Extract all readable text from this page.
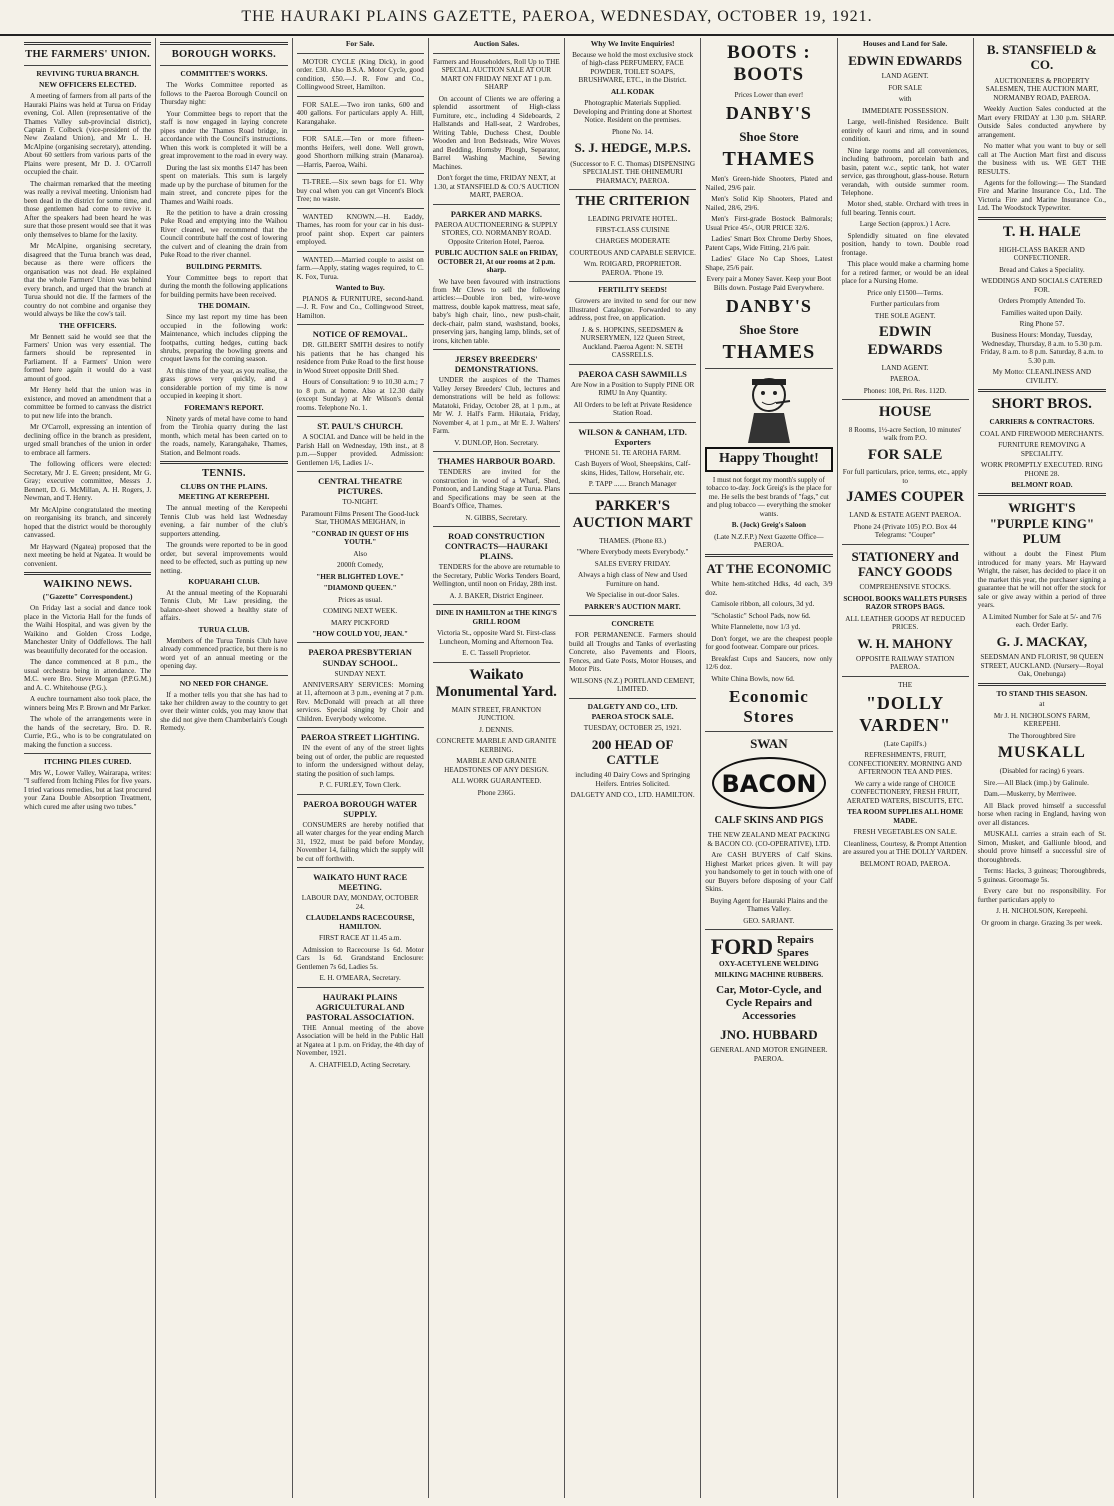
THE HAURAKI PLAINS GAZETTE, PAEROA, WEDNESDAY, OCTOBER 19, 1921.
THE FARMERS' UNION.
REVIVING TURUA BRANCH.
NEW OFFICERS ELECTED.

A meeting of farmers from all parts of the Hauraki Plains was held at Turua on Friday evening, Col. Allen (representative of the Thames Valley sub-provincial district), Captain F. Colbeck (vice-president of the New Zealand Union), and Mr L. H. McAlpine (organising secretary), attending. About 60 settlers from various parts of the Plains were present, Mr D. J. O'Carroll occupied the chair.

The chairman remarked that the meeting was really a revival meeting. Unionism had been dead in the district for some time, and those gentlemen had come to revive it. After the speakers had been heard he was sure that those present would see that it was only themselves to blame for the laxity.

Mr McAlpine, organising secretary, disagreed that the Turua branch was dead, because as there were officers the organisation was not dead. He explained that the whole Farmers' Union was behind every branch, and urged that the branch at Turua should not die. If the farmers of the country do not combine and organise they would always be like the cow's tail.

THE OFFICERS.

Mr Bennett said he would see that the Farmers' Union was very essential. The farmers should be represented in Parliament. If a Farmers' Union were formed here again it would do a vast amount of good.

Mr Henry held that the union was in existence, and moved an amendment that a committee be formed to canvass the district to put new life into the branch.

Mr O'Carroll, expressing an intention of declining office in the branch as president, urged small branches of the union in order to embrace all farmers.

The following officers were elected: Secretary, Mr J. E. Green; president, Mr G. Gray; executive committee, Messrs J. Bennett, D. G. McMillan, A. H. Rogers, J. Newman, and T. Henry.

Mr McAlpine congratulated the meeting on reorganising its branch, and sincerely hoped that the district would be thoroughly canvassed.

Mr Hayward (Ngatea) proposed that the next meeting be held at Ngatea. It would be convenient.

WAIKINO NEWS.
("Gazette" Correspondent.)

On Friday last a social and dance took place in the Victoria Hall for the funds of the Waihi Hospital, and was given by the Waikino and Golden Cross Lodge, Manchester Unity of Oddfellows. The hall was beautifully decorated for the occasion.

The dance commenced at 8 p.m., the usual orchestra being in attendance. The M.C. were Bro. Steve Morgan (P.P.G.M.) and A. C. Whitehouse (P.G.).

A euchre tournament also took place, the winners being Mrs P. Brown and Mr Parker.

The whole of the arrangements were in the hands of the secretary, Bro. D. R. Currie, P.G., who is to be congratulated on making the function a success.

ITCHING PILES CURED.

Mrs W., Lower Valley, Wairarapa, writes: "I suffered from Itching Piles for five years. I tried various remedies, but at last procured your Zana Double Absorption Treatment, which cured me after using two tubes."

BOROUGH WORKS.
COMMITTEE'S WORKS.

The Works Committee reported as follows to the Paeroa Borough Council on Thursday night:

Your Committee begs to report that the staff is now engaged in laying concrete pipes under the Thames Road bridge, in accordance with the Council's instructions. When this work is completed it will be a great improvement to the road in every way.

During the last six months £147 has been spent on materials. This sum is largely made up by the purchase of bitumen for the main street, and concrete pipes for the Thames and Waihi roads.

Re the petition to have a drain crossing Puke Road and emptying into the Waihou River cleaned, we recommend that the Council contribute half the cost of lowering the culvert and of cleaning the drain from Puke Road to the river channel.

BUILDING PERMITS.

Your Committee begs to report that during the month the following applications for building permits have been received.

THE DOMAIN.

Since my last report my time has been occupied in the following work: Maintenance, which includes clipping the footpaths, cutting hedges, cutting back shrubs, preparing the bowling greens and croquet lawns for the coming season.

At this time of the year, as you realise, the grass grows very quickly, and a considerable portion of my time is now occupied in keeping it short.

FOREMAN'S REPORT.

Ninety yards of metal have come to hand from the Tirohia quarry during the last month, which metal has been carted on to the roads, namely, Karangahake, Thames, Station, and Belmont roads.

TENNIS.
CLUBS ON THE PLAINS.
MEETING AT KEREPEHI.

The annual meeting of the Kerepeehi Tennis Club was held last Wednesday evening, a fair number of the club's supporters attending.

The grounds were reported to be in good order, but several improvements would need to be effected, such as putting up new netting.

KOPUARAHI CLUB.

At the annual meeting of the Kopuarahi Tennis Club, Mr Law presiding, the balance-sheet showed a healthy state of affairs.

TURUA CLUB.

Members of the Turua Tennis Club have already commenced practice, but there is no word yet of an annual meeting or the opening day.

NO NEED FOR CHANGE.

If a mother tells you that she has had to take her children away to the country to get over their winter colds, you may know that she did not give them Chamberlain's Cough Remedy.

For Sale.

MOTOR CYCLE (King Dick), in good order. £30. Also B.S.A. Motor Cycle, good condition, £50.—J. R. Fow and Co., Collingwood Street, Hamilton.

FOR SALE.—Two iron tanks, 600 and 400 gallons. For particulars apply A. Hill, Karangahake.

FOR SALE.—Ten or more fifteen-months Heifers, well done. Well grown, good Shorthorn milking strain (Manaroa).—Harris, Paeroa, Waihi.

TI-TREE.—Six sewn bags for £1. Why buy coal when you can get Vincent's Block Tree; no waste.

WANTED KNOWN.—H. Eaddy, Thames, has room for your car in his dust-proof paint shop. Expert car painters employed.

WANTED.—Married couple to assist on farm.—Apply, stating wages required, to C. K. Fox, Turua.

Wanted to Buy.

PIANOS & FURNITURE, second-hand.—J. R. Fow and Co., Collingwood Street, Hamilton.

NOTICE OF REMOVAL.

DR. GILBERT SMITH desires to notify his patients that he has changed his residence from Puke Road to the first house in Wood Street opposite Drill Shed.

Hours of Consultation: 9 to 10.30 a.m.; 7 to 8 p.m. at home. Also at 12.30 daily (except Sunday) at Mr Wilson's dental rooms. Telephone No. 1.

ST. PAUL'S CHURCH.

A SOCIAL and Dance will be held in the Parish Hall on Wednesday, 19th inst., at 8 p.m.—Supper provided. Admission: Gentlemen 1/6, Ladies 1/-.

CENTRAL THEATRE PICTURES.

TO-NIGHT.

Paramount Films Present The Good-luck Star, THOMAS MEIGHAN, in

"CONRAD IN QUEST OF HIS YOUTH."

Also

2000ft Comedy,

"HER BLIGHTED LOVE."

"DIAMOND QUEEN."

Prices as usual.

COMING NEXT WEEK.

MARY PICKFORD

"HOW COULD YOU, JEAN."

PAEROA PRESBYTERIAN SUNDAY SCHOOL.

SUNDAY NEXT.

ANNIVERSARY SERVICES: Morning at 11, afternoon at 3 p.m., evening at 7 p.m. Rev. McDonald will preach at all three services. Special singing by Choir and Children. Everybody welcome.

PAEROA STREET LIGHTING.

IN the event of any of the street lights being out of order, the public are requested to inform the undersigned without delay, stating the position of such lamps.

P. C. FURLEY, Town Clerk.

PAEROA BOROUGH WATER SUPPLY.

CONSUMERS are hereby notified that all water charges for the year ending March 31, 1922, must be paid before Monday, November 14, failing which the supply will be cut off forthwith.

WAIKATO HUNT RACE MEETING.

LABOUR DAY, MONDAY, OCTOBER 24.

CLAUDELANDS RACECOURSE, HAMILTON.

FIRST RACE AT 11.45 a.m.

Admission to Racecourse 1s 6d. Motor Cars 1s 6d. Grandstand Enclosure: Gentlemen 7s 6d, Ladies 5s.

E. H. O'MEARA, Secretary.

HAURAKI PLAINS AGRICULTURAL AND PASTORAL ASSOCIATION.

THE Annual meeting of the above Association will be held in the Public Hall at Ngatea at 1 p.m. on Friday, the 4th day of November, 1921.

A. CHATFIELD, Acting Secretary.

Auction Sales.

Farmers and Householders, Roll Up to THE SPECIAL AUCTION SALE AT OUR MART ON FRIDAY NEXT AT 1 p.m. SHARP

On account of Clients we are offering a splendid assortment of High-class Furniture, etc., including 4 Sideboards, 2 Hallstands and Hall-seat, 2 Wardrobes, Writing Table, Duchess Chest, Double Wooden and Iron Bedsteads, Wire Woves and Bedding, Hornsby Plough, Separator, Barrel Washing Machine, Sewing Machines.

Don't forget the time, FRIDAY NEXT, at 1.30, at STANSFIELD & CO.'S AUCTION MART, PAEROA.

PARKER AND MARKS.

PAEROA AUCTIONEERING & SUPPLY STORES, CO. NORMANBY ROAD. Opposite Criterion Hotel, Paeroa.

PUBLIC AUCTION SALE on FRIDAY, OCTOBER 21, At our rooms at 2 p.m. sharp.

We have been favoured with instructions from Mr Clews to sell the following articles:—Double iron bed, wire-wove mattress, double kapok mattress, meat safe, baby's high chair, lino., new push-chair, deck-chair, palm stand, washstand, books, preserving jars, hanging lamp, blinds, set of irons, kitchen table.

JERSEY BREEDERS' DEMONSTRATIONS.

UNDER the auspices of the Thames Valley Jersey Breeders' Club, lectures and demonstrations will be held as follows: Matatoki, Friday, October 28, at 1 p.m., at Mr W. J. Hall's Farm. Hikutaia, Friday, November 4, at 1 p.m., at Mr E. J. Walters' Farm.

V. DUNLOP, Hon. Secretary.

THAMES HARBOUR BOARD.

TENDERS are invited for the construction in wood of a Wharf, Shed, Pontoon, and Landing Stage at Turua. Plans and Specifications may be seen at the Board's Office, Thames.

N. GIBBS, Secretary.

ROAD CONSTRUCTION CONTRACTS—HAURAKI PLAINS.

TENDERS for the above are returnable to the Secretary, Public Works Tenders Board, Wellington, until noon on Friday, 28th inst.

A. J. BAKER, District Engineer.

DINE IN HAMILTON at THE KING'S GRILL ROOM

Victoria St., opposite Ward St. First-class Luncheon, Morning and Afternoon Tea.

E. C. Tassell Proprietor.

Waikato Monumental Yard.

MAIN STREET, FRANKTON JUNCTION.

J. DENNIS.

CONCRETE MARBLE AND GRANITE KERBING.

MARBLE AND GRANITE HEADSTONES OF ANY DESIGN.

ALL WORK GUARANTEED.

Phone 236G.

Why We Invite Enquiries!

Because we hold the most exclusive stock of high-class PERFUMERY, FACE POWDER, TOILET SOAPS, BRUSHWARE, ETC., in the District.

ALL KODAK

Photographic Materials Supplied. Developing and Printing done at Shortest Notice. Resident on the premises.

Phone No. 14.

S. J. HEDGE, M.P.S.

(Successor to F. C. Thomas) DISPENSING SPECIALIST. THE OHINEMURI PHARMACY, PAEROA.

THE CRITERION

LEADING PRIVATE HOTEL.

FIRST-CLASS CUISINE

CHARGES MODERATE

COURTEOUS AND CAPABLE SERVICE.

Wm. ROIGARD, PROPRIETOR. PAEROA. 'Phone 19.

FERTILITY SEEDS!

Growers are invited to send for our new Illustrated Catalogue. Forwarded to any address, post free, on application.

J. & S. HOPKINS, SEEDSMEN & NURSERYMEN, 122 Queen Street, Auckland. Paeroa Agent: N. SETH CASSRELLS.

PAEROA CASH SAWMILLS

Are Now in a Position to Supply PINE OR RIMU In Any Quantity.

All Orders to be left at Private Residence Station Road.

WILSON & CANHAM, LTD. Exporters

'PHONE 51. TE AROHA FARM.

Cash Buyers of Wool, Sheepskins, Calf-skins, Hides, Tallow, Horsehair, etc.

P. TAPP ....... Branch Manager

PARKER'S AUCTION MART

THAMES. (Phone 83.)

"Where Everybody meets Everybody."

SALES EVERY FRIDAY.

Always a high class of New and Used Furniture on hand.

We Specialise in out-door Sales.

PARKER'S AUCTION MART.

CONCRETE

FOR PERMANENCE. Farmers should build all Troughs and Tanks of everlasting Concrete, also Pavements and Floors, Fences, and Gate Posts, Motor Houses, and Motor Pits.

WILSONS (N.Z.) PORTLAND CEMENT, LIMITED.

DALGETY AND CO., LTD.
PAEROA STOCK SALE.

TUESDAY, OCTOBER 25, 1921.

200 HEAD OF CATTLE

including 40 Dairy Cows and Springing Heifers. Entries Solicited.

DALGETY AND CO., LTD. HAMILTON.

BOOTS : BOOTS

Prices Lower than ever!

DANBY'S
Shoe Store
THAMES

Men's Green-hide Shooters, Plated and Nailed, 29/6 pair.

Men's Solid Kip Shooters, Plated and Nailed, 28/6, 29/6.

Men's First-grade Bostock Balmorals; Usual Price 45/-, OUR PRICE 32/6.

Ladies' Smart Box Chrome Derby Shoes, Patent Caps, Wide Fitting, 21/6 pair.

Ladies' Glace No Cap Shoes, Latest Shape, 25/6 pair.

Every pair a Money Saver. Keep your Boot Bills down. Postage Paid Everywhere.

DANBY'S
Shoe Store
THAMES
Happy Thought!

I must not forget my month's supply of tobacco to-day. Jock Greig's is the place for me. He sells the best brands of "fags," cut and plug tobacco — everything the smoker wants.

B. (Jock) Greig's Saloon

(Late N.Z.F.P.) Next Gazette Office—PAEROA.

AT THE ECONOMIC

White hem-stitched Hdks, 4d each, 3/9 doz.

Camisole ribbon, all colours, 3d yd.

"Scholastic" School Pads, now 6d.

White Flannelette, now 1/3 yd.

Don't forget, we are the cheapest people for good footwear. Compare our prices.

Breakfast Cups and Saucers, now only 12/6 doz.

White China Bowls, now 6d.

Economic Stores
SWAN
BACON
CALF SKINS AND PIGS

THE NEW ZEALAND MEAT PACKING & BACON CO. (CO-OPERATIVE), LTD.

Are CASH BUYERS of Calf Skins. Highest Market prices given. It will pay you handsomely to get in touch with one of our Buyers before disposing of your Calf Skins.

Buying Agent for Hauraki Plains and the Thames Valley.

GEO. SARJANT.

FORD Repairs Spares

OXY-ACETYLENE WELDING

MILKING MACHINE RUBBERS.

Car, Motor-Cycle, and Cycle Repairs and Accessories
JNO. HUBBARD

GENERAL AND MOTOR ENGINEER. PAEROA.

Houses and Land for Sale.
EDWIN EDWARDS

LAND AGENT.

FOR SALE

with

IMMEDIATE POSSESSION.

Large, well-finished Residence. Built entirely of kauri and rimu, and in sound condition.

Nine large rooms and all conveniences, including bathroom, porcelain bath and basin, patent w.c., septic tank, hot water service, gas throughout, glass-house. Return verandah, with outside summer room. Telephone.

Motor shed, stable. Orchard with trees in full bearing. Tennis court.

Large Section (approx.) 1 Acre.

Splendidly situated on fine elevated position, handy to town. Double road frontage.

This place would make a charming home for a retired farmer, or would be an ideal place for a Nursing Home.

Price only £1500—Terms.

Further particulars from

THE SOLE AGENT.

EDWIN EDWARDS

LAND AGENT.

PAEROA.

Phones: 108, Pri. Res. 112D.

HOUSE

8 Rooms, 1½-acre Section, 10 minutes' walk from P.O.

FOR SALE

For full particulars, price, terms, etc., apply to

JAMES COUPER

LAND & ESTATE AGENT PAEROA.

Phone 24 (Private 105) P.O. Box 44 Telegrams: "Couper"

STATIONERY and FANCY GOODS

COMPREHENSIVE STOCKS.

SCHOOL BOOKS WALLETS PURSES RAZOR STROPS BAGS.

ALL LEATHER GOODS AT REDUCED PRICES.

W. H. MAHONY

OPPOSITE RAILWAY STATION PAEROA.

THE

"DOLLY VARDEN"

(Late Capill's.)

REFRESHMENTS, FRUIT, CONFECTIONERY. MORNING AND AFTERNOON TEA AND PIES.

We carry a wide range of CHOICE CONFECTIONERY, FRESH FRUIT, AERATED WATERS, BISCUITS, ETC.

TEA ROOM SUPPLIES ALL HOME MADE.

FRESH VEGETABLES ON SALE.

Cleanliness, Courtesy, & Prompt Attention are assured you at THE DOLLY VARDEN.

BELMONT ROAD, PAEROA.

B. STANSFIELD & CO.

AUCTIONEERS & PROPERTY SALESMEN, THE AUCTION MART, NORMANBY ROAD, PAEROA.

Weekly Auction Sales conducted at the Mart every FRIDAY at 1.30 p.m. SHARP. Outside Sales conducted anywhere by arrangement.

No matter what you want to buy or sell call at The Auction Mart first and discuss the business with us. WE GET THE RESULTS.

Agents for the following:— The Standard Fire and Marine Insurance Co., Ltd. The Victoria Fire and Marine Insurance Co., Ltd. The Woodstock Typewriter.

T. H. HALE

HIGH-CLASS BAKER AND CONFECTIONER.

Bread and Cakes a Speciality.

WEDDINGS AND SOCIALS CATERED FOR.

Orders Promptly Attended To.

Families waited upon Daily.

Ring Phone 57.

Business Hours: Monday, Tuesday, Wednesday, Thursday, 8 a.m. to 5.30 p.m. Friday, 8 a.m. to 8 p.m. Saturday, 8 a.m. to 5.30 p.m.

My Motto: CLEANLINESS AND CIVILITY.

SHORT BROS.

CARRIERS & CONTRACTORS.

COAL AND FIREWOOD MERCHANTS.

FURNITURE REMOVING A SPECIALITY.

WORK PROMPTLY EXECUTED. RING PHONE 28.

BELMONT ROAD.

WRIGHT'S "PURPLE KING" PLUM

without a doubt the Finest Plum introduced for many years. Mr Hayward Wright, the raiser, has decided to place it on the market this year, the purchaser signing a guarantee that he will not offer the stock for sale or give away within a period of three years.

A Limited Number for Sale at 5/- and 7/6 each. Order Early.

G. J. MACKAY,

SEEDSMAN AND FLORIST, 98 QUEEN STREET, AUCKLAND. (Nursery—Royal Oak, Onehunga)

TO STAND THIS SEASON.

at

Mr J. H. NICHOLSON'S FARM, KEREPEHI.

The Thoroughbred Sire

MUSKALL

(Disabled for racing) 6 years.

Sire.—All Black (imp.) by Galinule.

Dam.—Muskerry, by Merriwee.

All Black proved himself a successful horse when racing in England, having won over all distances.

MUSKALL carries a strain each of St. Simon, Musket, and Galliunle blood, and should prove himself a successful sire of thoroughbreds.

Terms: Hacks, 3 guineas; Thoroughbreds, 5 guineas. Groomage 5s.

Every care but no responsibility. For further particulars apply to

J. H. NICHOLSON, Kerepeehi.

Or groom in charge. Grazing 3s per week.
